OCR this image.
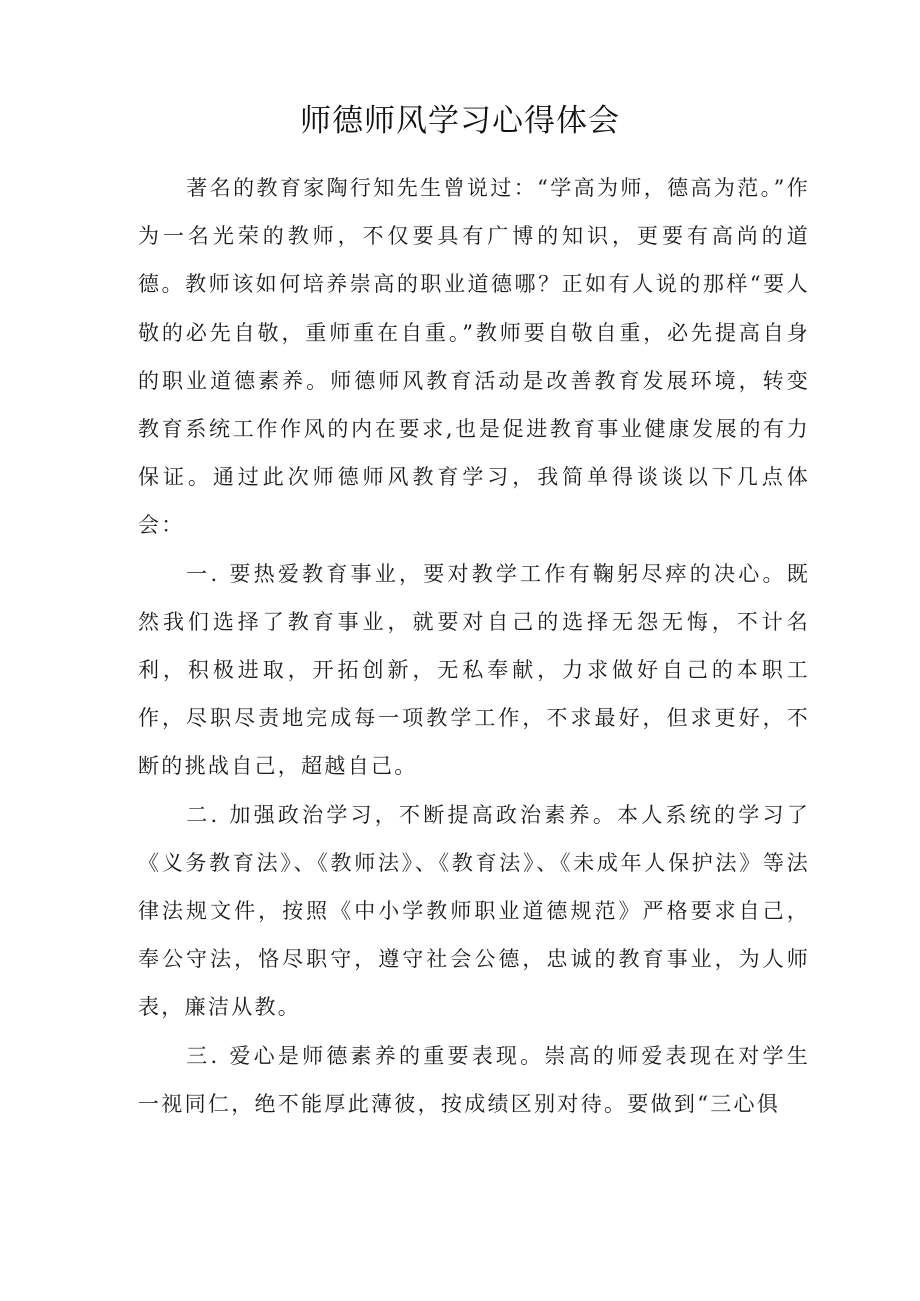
师德师风学习心得体会

著名的教育家陶行知先生曾说过：“学高为师，德高为范。”作为一名光荣的教师，不仅要具有广博的知识，更要有高尚的道德。教师该如何培养崇高的职业道德哪？正如有人说的那样“要人敬的必先自敬，重师重在自重。”教师要自敬自重，必先提高自身的职业道德素养。师德师风教育活动是改善教育发展环境，转变教育系统工作作风的内在要求,也是促进教育事业健康发展的有力保证。通过此次师德师风教育学习，我简单得谈谈以下几点体会：

一. 要热爱教育事业，要对教学工作有鞠躬尽瘁的决心。既然我们选择了教育事业，就要对自己的选择无怨无悔，不计名利，积极进取，开拓创新，无私奉献，力求做好自己的本职工作，尽职尽责地完成每一项教学工作，不求最好，但求更好，不断的挑战自己，超越自己。

二. 加强政治学习，不断提高政治素养。本人系统的学习了《义务教育法》、《教师法》、《教育法》、《未成年人保护法》等法律法规文件，按照《中小学教师职业道德规范》严格要求自己，奉公守法，恪尽职守，遵守社会公德，忠诚的教育事业，为人师表，廉洁从教。

三. 爱心是师德素养的重要表现。崇高的师爱表现在对学生一视同仁，绝不能厚此薄彼，按成绩区别对待。要做到“三心俱
